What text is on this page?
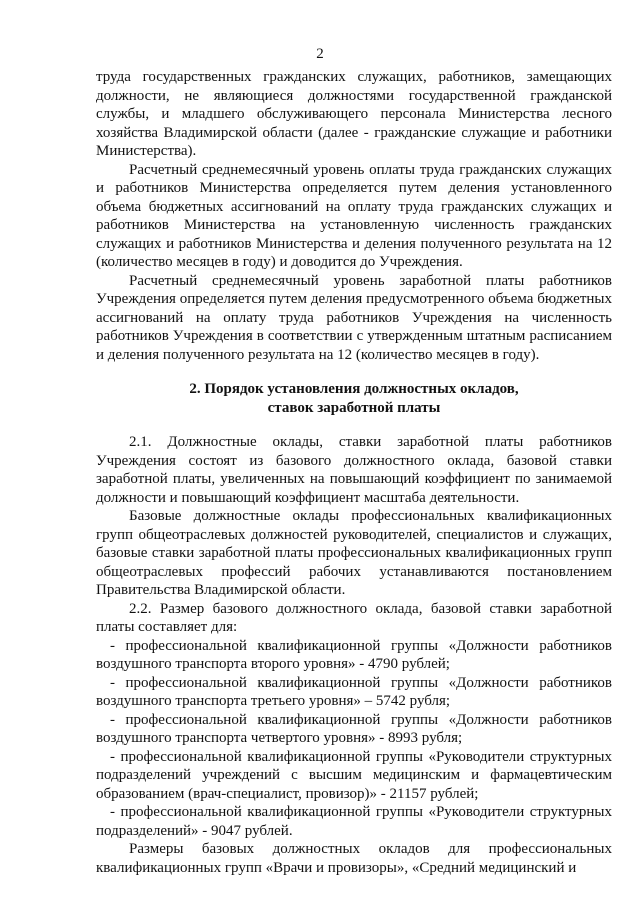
2

труда государственных гражданских служащих, работников, замещающих должности, не являющиеся должностями государственной гражданской службы, и младшего обслуживающего персонала Министерства лесного хозяйства Владимирской области (далее - гражданские служащие и работники Министерства).

Расчетный среднемесячный уровень оплаты труда гражданских служащих и работников Министерства определяется путем деления установленного объема бюджетных ассигнований на оплату труда гражданских служащих и работников Министерства на установленную численность гражданских служащих и работников Министерства и деления полученного результата на 12 (количество месяцев в году) и доводится до Учреждения.

Расчетный среднемесячный уровень заработной платы работников Учреждения определяется путем деления предусмотренного объема бюджетных ассигнований на оплату труда работников Учреждения на численность работников Учреждения в соответствии с утвержденным штатным расписанием и деления полученного результата на 12 (количество месяцев в году).

2. Порядок установления должностных окладов,
ставок заработной платы

2.1. Должностные оклады, ставки заработной платы работников Учреждения состоят из базового должностного оклада, базовой ставки заработной платы, увеличенных на повышающий коэффициент по занимаемой должности и повышающий коэффициент масштаба деятельности.

Базовые должностные оклады профессиональных квалификационных групп общеотраслевых должностей руководителей, специалистов и служащих, базовые ставки заработной платы профессиональных квалификационных групп общеотраслевых профессий рабочих устанавливаются постановлением Правительства Владимирской области.

2.2. Размер базового должностного оклада, базовой ставки заработной платы составляет для:

- профессиональной квалификационной группы «Должности работников воздушного транспорта второго уровня» - 4790 рублей;

- профессиональной квалификационной группы «Должности работников воздушного транспорта третьего уровня» – 5742 рубля;

- профессиональной квалификационной группы «Должности работников воздушного транспорта четвертого уровня» - 8993 рубля;

- профессиональной квалификационной группы «Руководители структурных подразделений учреждений с высшим медицинским и фармацевтическим образованием (врач-специалист, провизор)» - 21157 рублей;

- профессиональной квалификационной группы «Руководители структурных подразделений» - 9047 рублей.

Размеры базовых должностных окладов для профессиональных квалификационных групп «Врачи и провизоры», «Средний медицинский и
